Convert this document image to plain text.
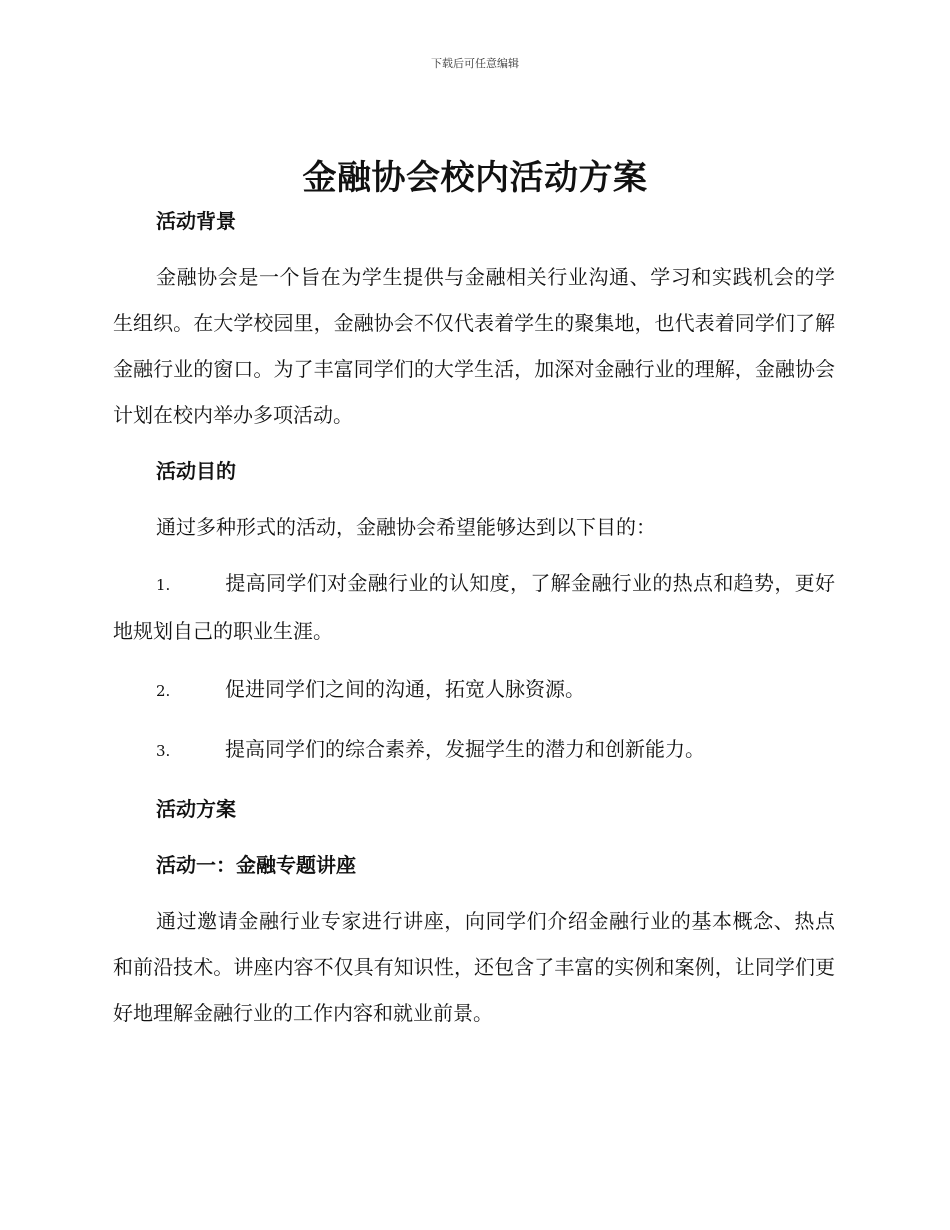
下载后可任意编辑
金融协会校内活动方案
活动背景
金融协会是一个旨在为学生提供与金融相关行业沟通、学习和实践机会的学生组织。在大学校园里，金融协会不仅代表着学生的聚集地，也代表着同学们了解金融行业的窗口。为了丰富同学们的大学生活，加深对金融行业的理解，金融协会计划在校内举办多项活动。
活动目的
通过多种形式的活动，金融协会希望能够达到以下目的：
1.	提高同学们对金融行业的认知度，了解金融行业的热点和趋势，更好地规划自己的职业生涯。
2.	促进同学们之间的沟通，拓宽人脉资源。
3.	提高同学们的综合素养，发掘学生的潜力和创新能力。
活动方案
活动一：金融专题讲座
通过邀请金融行业专家进行讲座，向同学们介绍金融行业的基本概念、热点和前沿技术。讲座内容不仅具有知识性，还包含了丰富的实例和案例，让同学们更好地理解金融行业的工作内容和就业前景。
